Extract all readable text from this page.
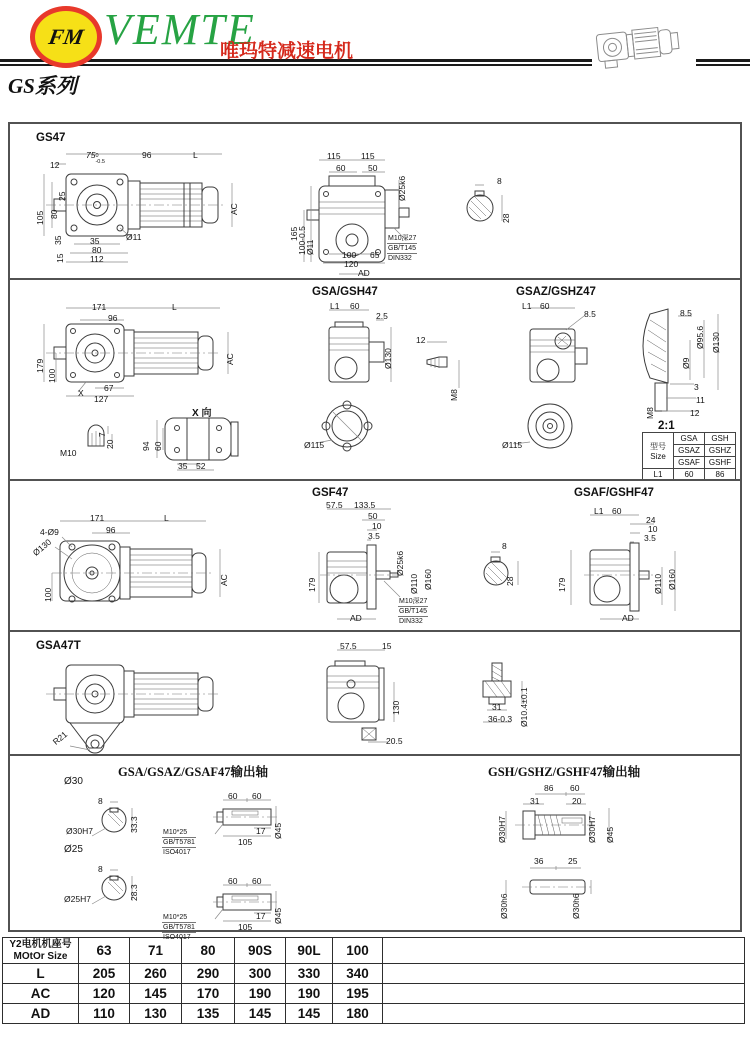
FM VEMTE
唯玛特减速电机
GS系列
GS47
12
75 0
-0.5
96	L
25
80
105
35
15
35
80
112
Ø11
AC
115 115
60	50
Ø25k6
165
100-0.5
Ø11	100 65
120
AD
M10深27
GB/T145
DIN332
8
28
171
96
L
179
100
X 67
127
AC
M10
7
20
X 向
94 60
35 52
GSA/GSH47
L1 60
2.5
Ø130
Ø115
12
M8
GSAZ/GSHZ47
L1 60
8.5
Ø115
8.5
Ø95.6
Ø9
Ø130
M8
3
11
12
2:1
型号
Size	GSA	GSH
	GSAZ	GSHZ
	GSAF	GSHF
L1	60	86
GSF47
171
96
L
4-Ø9
Ø130
100
AC
57.5 133.5
50
10
3.5
Ø25k6
Ø110 Ø160
179
AD
M10深27
GB/T145
DIN332
8
28
GSAF/GSHF47
L1 60
24
10
3.5
Ø110 Ø160
179
AD
GSA47T
R21
57.5	15
130
20.5
31
36-0.3 Ø10.4±0.1
GSA/GSAZ/GSAF47输出轴
Ø30
8
33.3
Ø30H7
Ø25
8
28.3
Ø25H7
60 60
17
105
Ø45
M10*25
GB/T5781
ISO4017
60 60
17
105
Ø45
M10*25
GB/T5781
ISO4017
GSH/GSHZ/GSHF47输出轴
Ø30H7
86 60
31	20
Ø30H7 Ø45
36	25
Ø30h6	Ø30h6
Y2电机机座号
MOtOr Size	63	71	80	90S	90L	100	
L	205	260	290	300	330	340	
AC	120	145	170	190	190	195	
AD	110	130	135	145	145	180	
